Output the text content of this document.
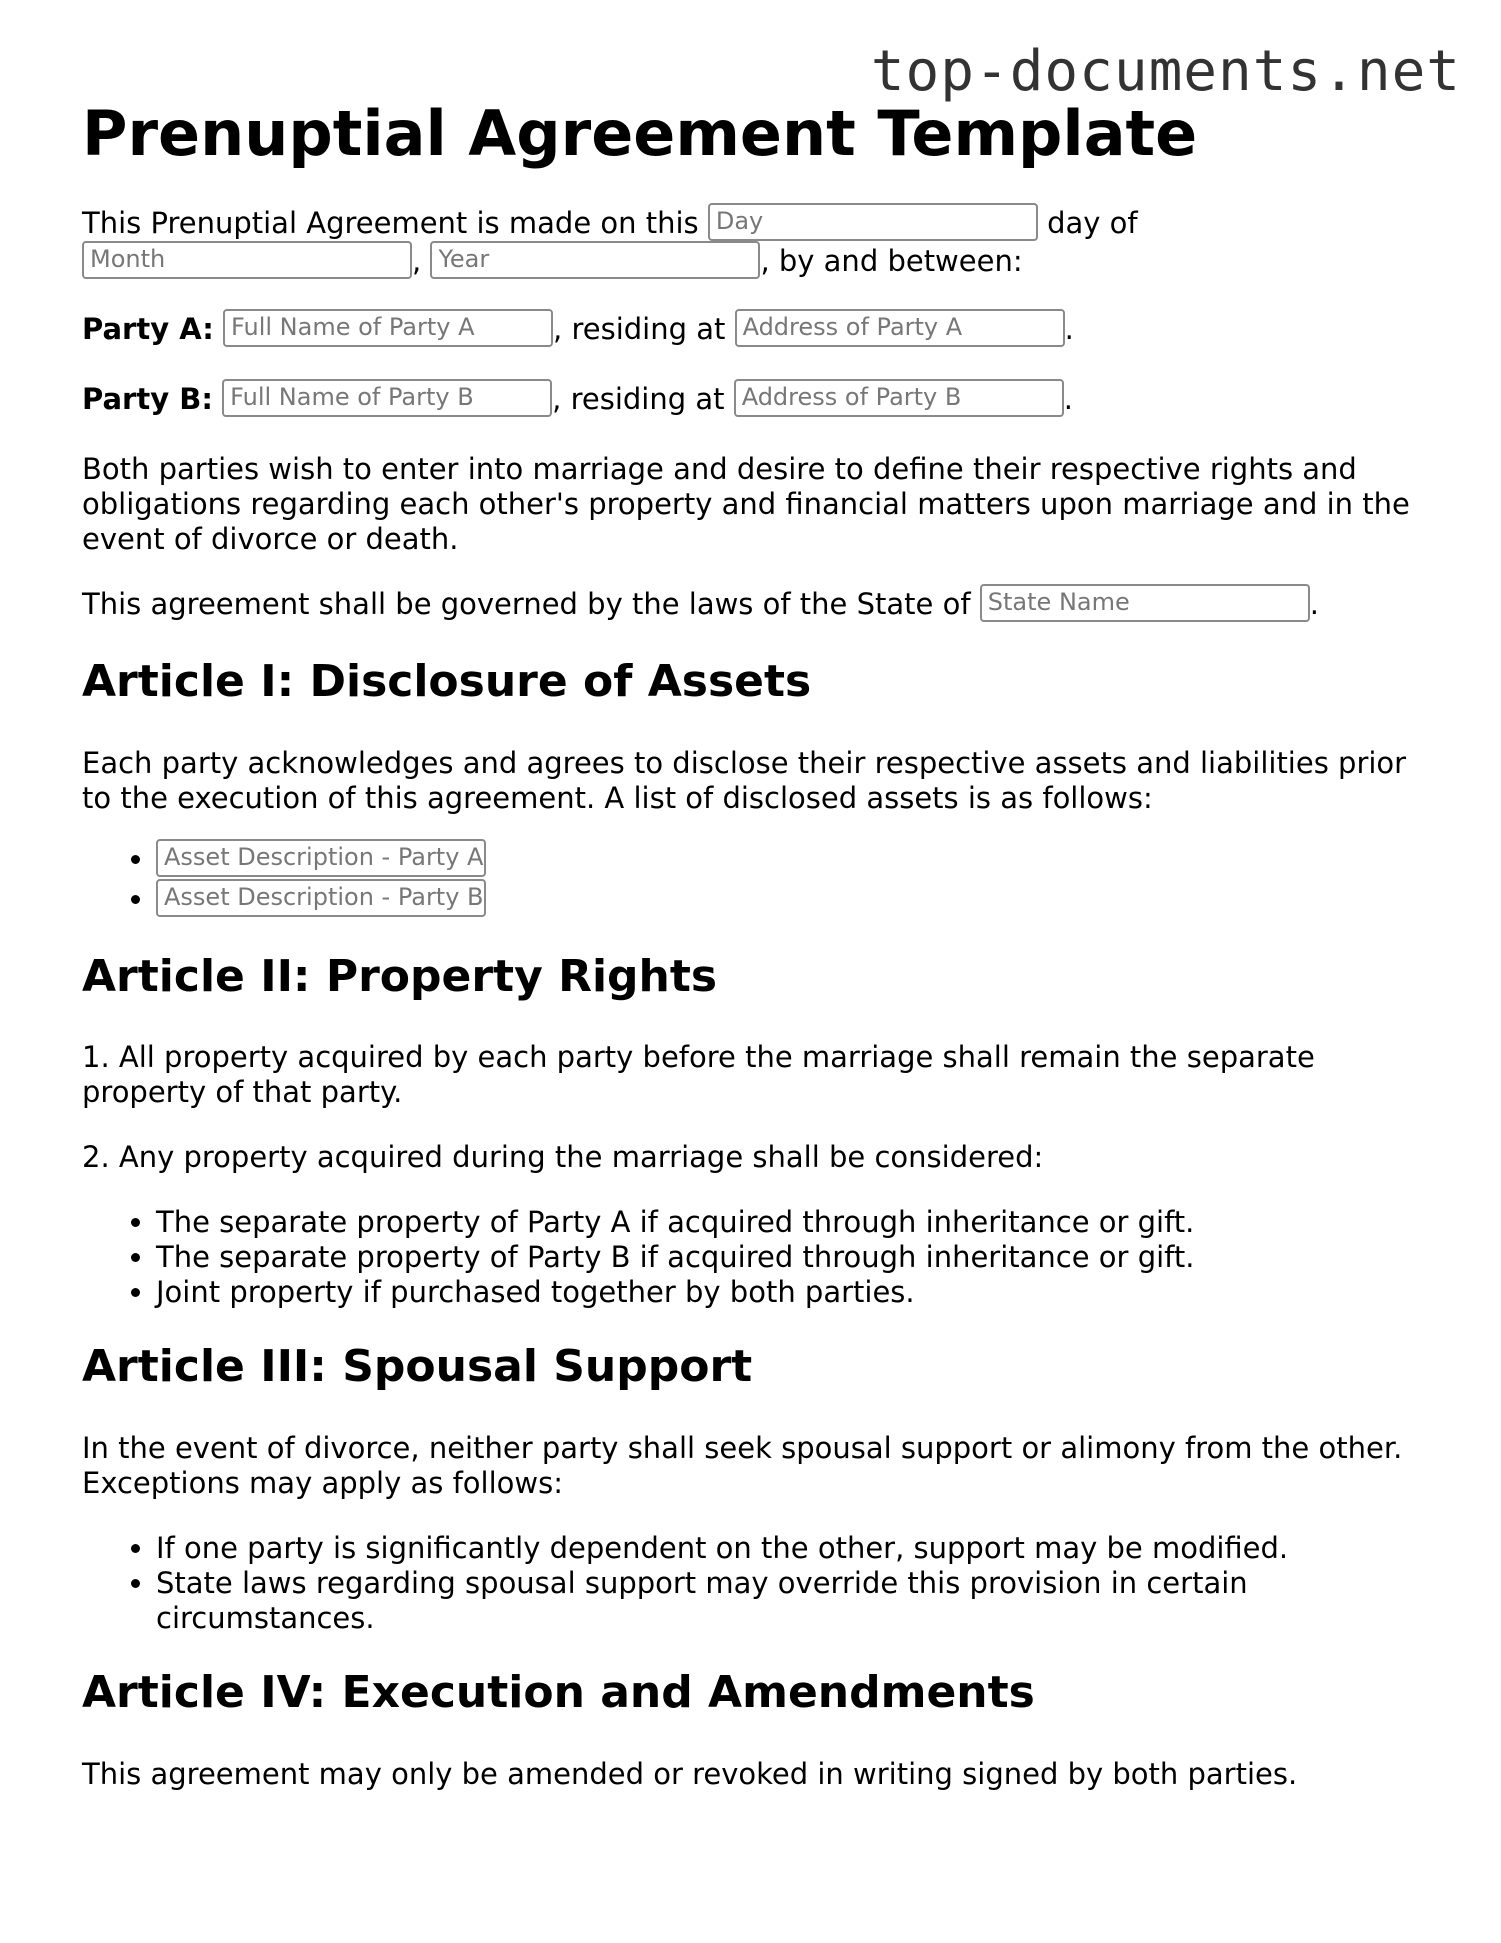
top-documents.net
Prenuptial Agreement Template

This Prenuptial Agreement is made on this Day	day of
Month	, Year	, by and between:

Party A: Full Name of Party A	, residing at Address of Party A	.

Party B: Full Name of Party B	, residing at Address of Party B	.

Both parties wish to enter into marriage and desire to define their respective rights and obligations regarding each other's property and financial matters upon marriage and in the event of divorce or death.

This agreement shall be governed by the laws of the State of State Name	.

Article I: Disclosure of Assets

Each party acknowledges and agrees to disclose their respective assets and liabilities prior to the execution of this agreement. A list of disclosed assets is as follows:

• Asset Description - Party A
• Asset Description - Party B
Article II: Property Rights

1. All property acquired by each party before the marriage shall remain the separate property of that party.

2. Any property acquired during the marriage shall be considered:

• The separate property of Party A if acquired through inheritance or gift.
• The separate property of Party B if acquired through inheritance or gift.
• Joint property if purchased together by both parties.
Article III: Spousal Support

In the event of divorce, neither party shall seek spousal support or alimony from the other. Exceptions may apply as follows:

• If one party is significantly dependent on the other, support may be modified.
• State laws regarding spousal support may override this provision in certain circumstances.
Article IV: Execution and Amendments

This agreement may only be amended or revoked in writing signed by both parties.
